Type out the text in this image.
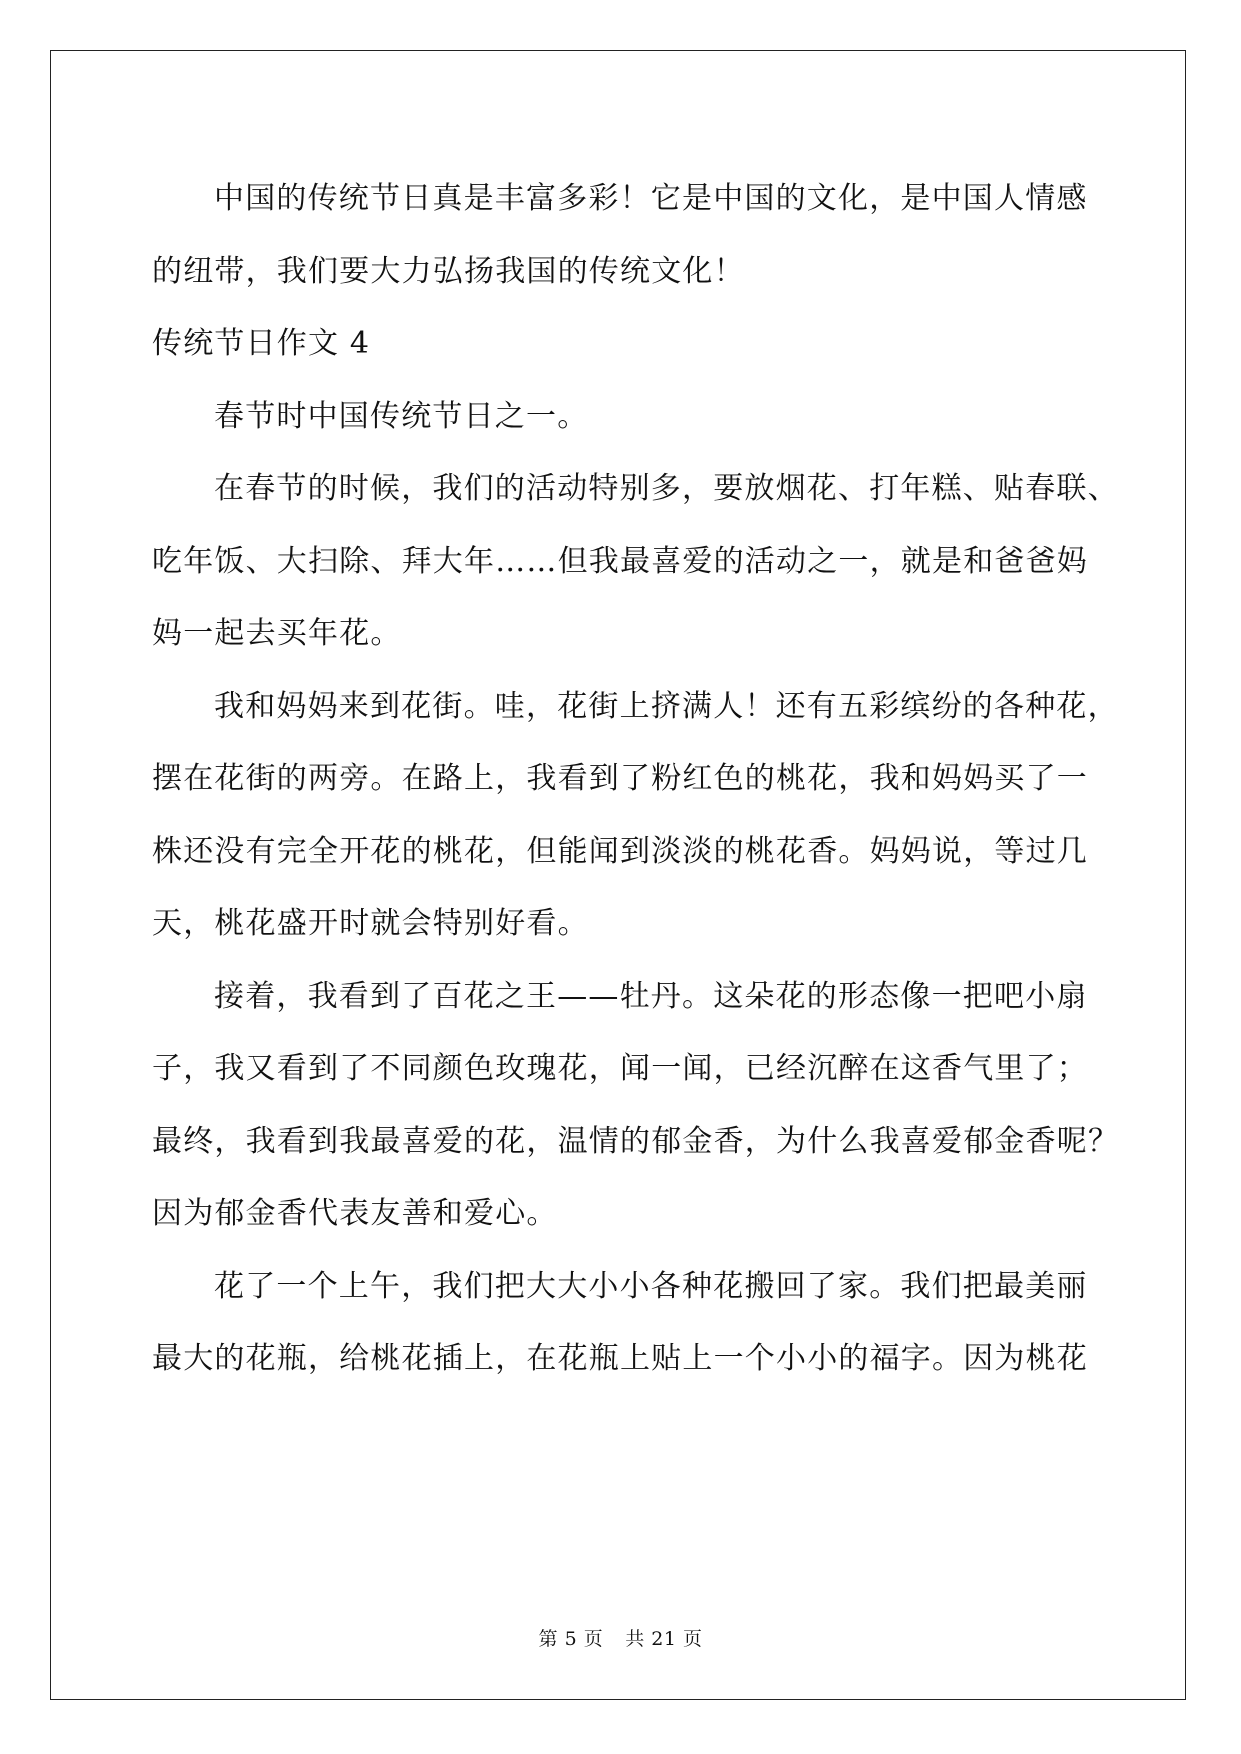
中国的传统节日真是丰富多彩！它是中国的文化，是中国人情感

的纽带，我们要大力弘扬我国的传统文化！

传统节日作文 4

春节时中国传统节日之一。

在春节的时候，我们的活动特别多，要放烟花、打年糕、贴春联、

吃年饭、大扫除、拜大年……但我最喜爱的活动之一，就是和爸爸妈

妈一起去买年花。

我和妈妈来到花街。哇，花街上挤满人！还有五彩缤纷的各种花，

摆在花街的两旁。在路上，我看到了粉红色的桃花，我和妈妈买了一

株还没有完全开花的桃花，但能闻到淡淡的桃花香。妈妈说，等过几

天，桃花盛开时就会特别好看。

接着，我看到了百花之王——牡丹。这朵花的形态像一把吧小扇

子，我又看到了不同颜色玫瑰花，闻一闻，已经沉醉在这香气里了；

最终，我看到我最喜爱的花，温情的郁金香，为什么我喜爱郁金香呢？

因为郁金香代表友善和爱心。

花了一个上午，我们把大大小小各种花搬回了家。我们把最美丽

最大的花瓶，给桃花插上，在花瓶上贴上一个小小的福字。因为桃花

第 5 页 共 21 页
